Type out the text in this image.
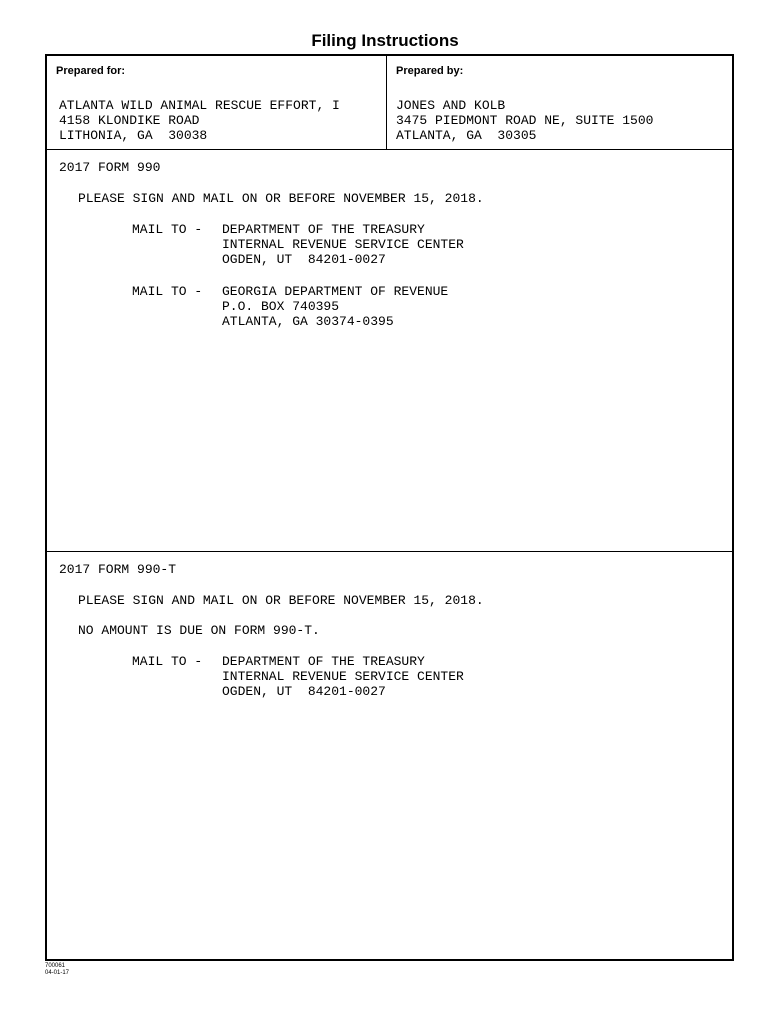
Filing Instructions
Prepared for:
ATLANTA WILD ANIMAL RESCUE EFFORT, I
4158 KLONDIKE ROAD
LITHONIA, GA  30038
Prepared by:
JONES AND KOLB
3475 PIEDMONT ROAD NE, SUITE 1500
ATLANTA, GA  30305
2017 FORM 990
PLEASE SIGN AND MAIL ON OR BEFORE NOVEMBER 15, 2018.
MAIL TO - DEPARTMENT OF THE TREASURY
INTERNAL REVENUE SERVICE CENTER
OGDEN, UT  84201-0027
MAIL TO - GEORGIA DEPARTMENT OF REVENUE
P.O. BOX 740395
ATLANTA, GA 30374-0395
2017 FORM 990-T
PLEASE SIGN AND MAIL ON OR BEFORE NOVEMBER 15, 2018.
NO AMOUNT IS DUE ON FORM 990-T.
MAIL TO - DEPARTMENT OF THE TREASURY
INTERNAL REVENUE SERVICE CENTER
OGDEN, UT  84201-0027
700061
04-01-17
